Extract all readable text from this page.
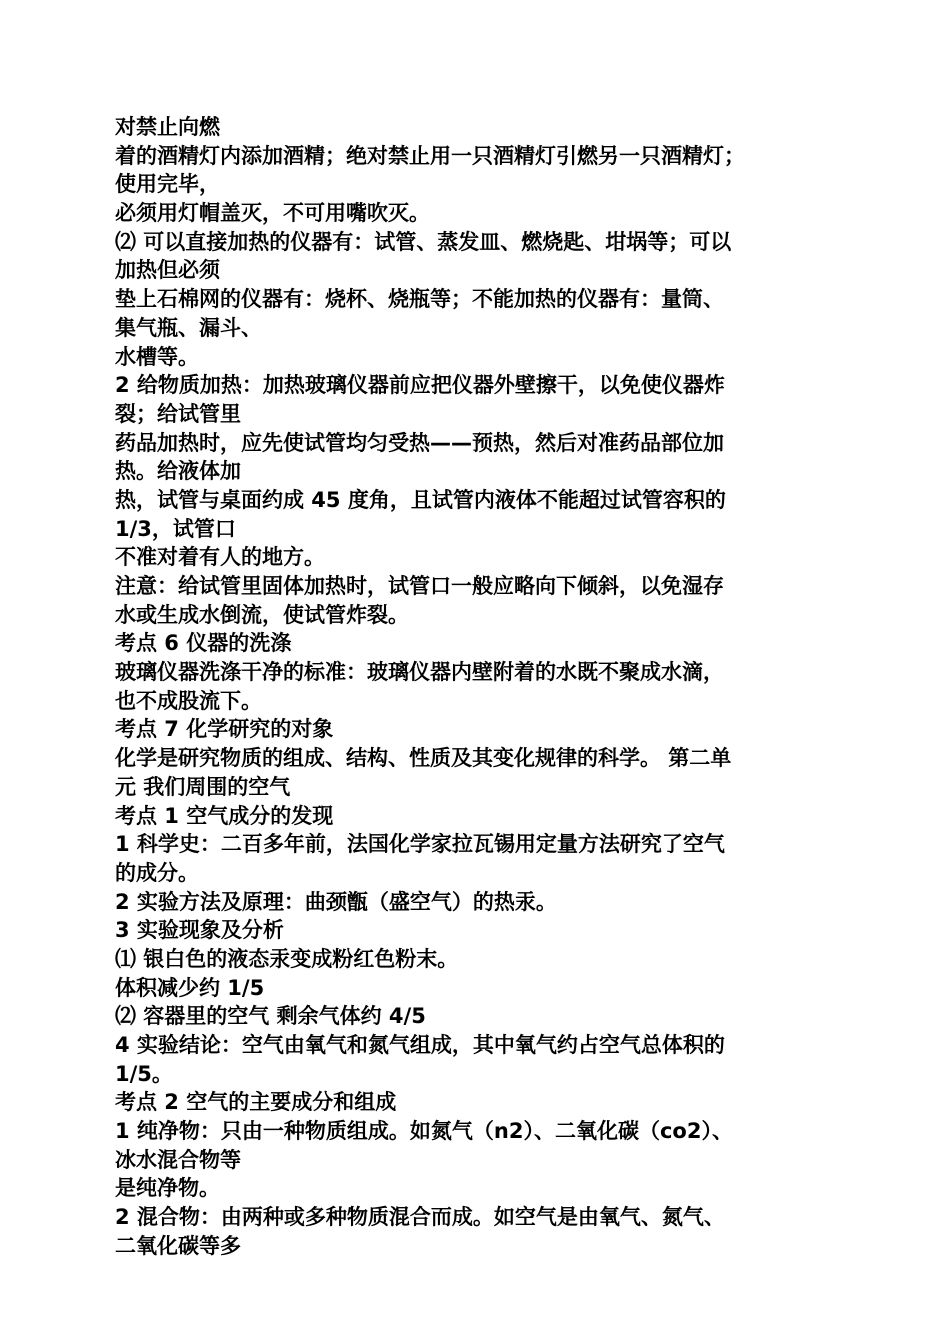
对禁止向燃
着的酒精灯内添加酒精；绝对禁止用一只酒精灯引燃另一只酒精灯；
使用完毕，
必须用灯帽盖灭，不可用嘴吹灭。
⑵ 可以直接加热的仪器有：试管、蒸发皿、燃烧匙、坩埚等；可以
加热但必须
垫上石棉网的仪器有：烧杯、烧瓶等；不能加热的仪器有：量筒、
集气瓶、漏斗、
水槽等。
2 给物质加热：加热玻璃仪器前应把仪器外壁擦干，以免使仪器炸
裂；给试管里
药品加热时，应先使试管均匀受热——预热，然后对准药品部位加
热。给液体加
热，试管与桌面约成 45 度角，且试管内液体不能超过试管容积的
1/3，试管口
不准对着有人的地方。
注意：给试管里固体加热时，试管口一般应略向下倾斜，以免湿存
水或生成水倒流，使试管炸裂。
考点 6 仪器的洗涤
玻璃仪器洗涤干净的标准：玻璃仪器内壁附着的水既不聚成水滴，
也不成股流下。
考点 7 化学研究的对象
化学是研究物质的组成、结构、性质及其变化规律的科学。 第二单
元 我们周围的空气
考点 1 空气成分的发现
1 科学史：二百多年前，法国化学家拉瓦锡用定量方法研究了空气
的成分。
2 实验方法及原理：曲颈甑（盛空气）的热汞。
3 实验现象及分析
⑴ 银白色的液态汞变成粉红色粉末。
体积减少约 1/5
⑵ 容器里的空气 剩余气体约 4/5
4 实验结论：空气由氧气和氮气组成，其中氧气约占空气总体积的
1/5。
考点 2 空气的主要成分和组成
1 纯净物：只由一种物质组成。如氮气（n2）、二氧化碳（co2）、
冰水混合物等
是纯净物。
2 混合物：由两种或多种物质混合而成。如空气是由氧气、氮气、
二氧化碳等多
